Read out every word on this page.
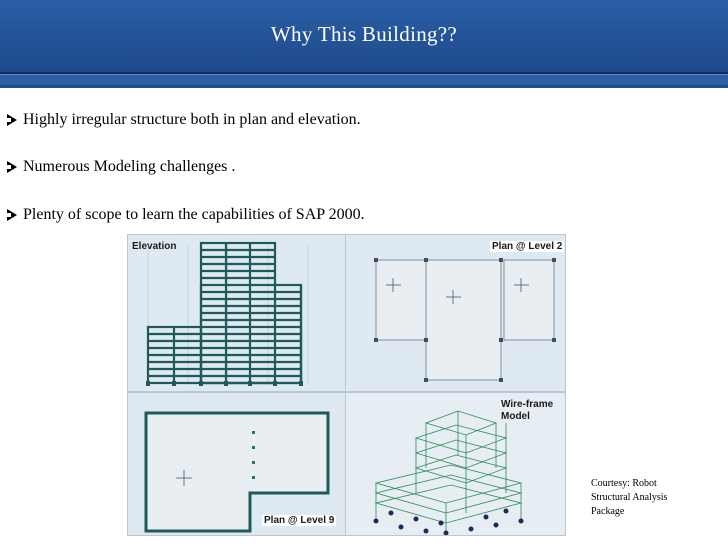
Why This Building??
Highly irregular structure both in plan and elevation.
Numerous Modeling challenges .
Plenty of scope to learn the capabilities of SAP 2000.
Elevation	Plan @ Level 2
Plan @ Level 9
Wire-frame
Model
Courtesy: Robot
Structural Analysis
Package
